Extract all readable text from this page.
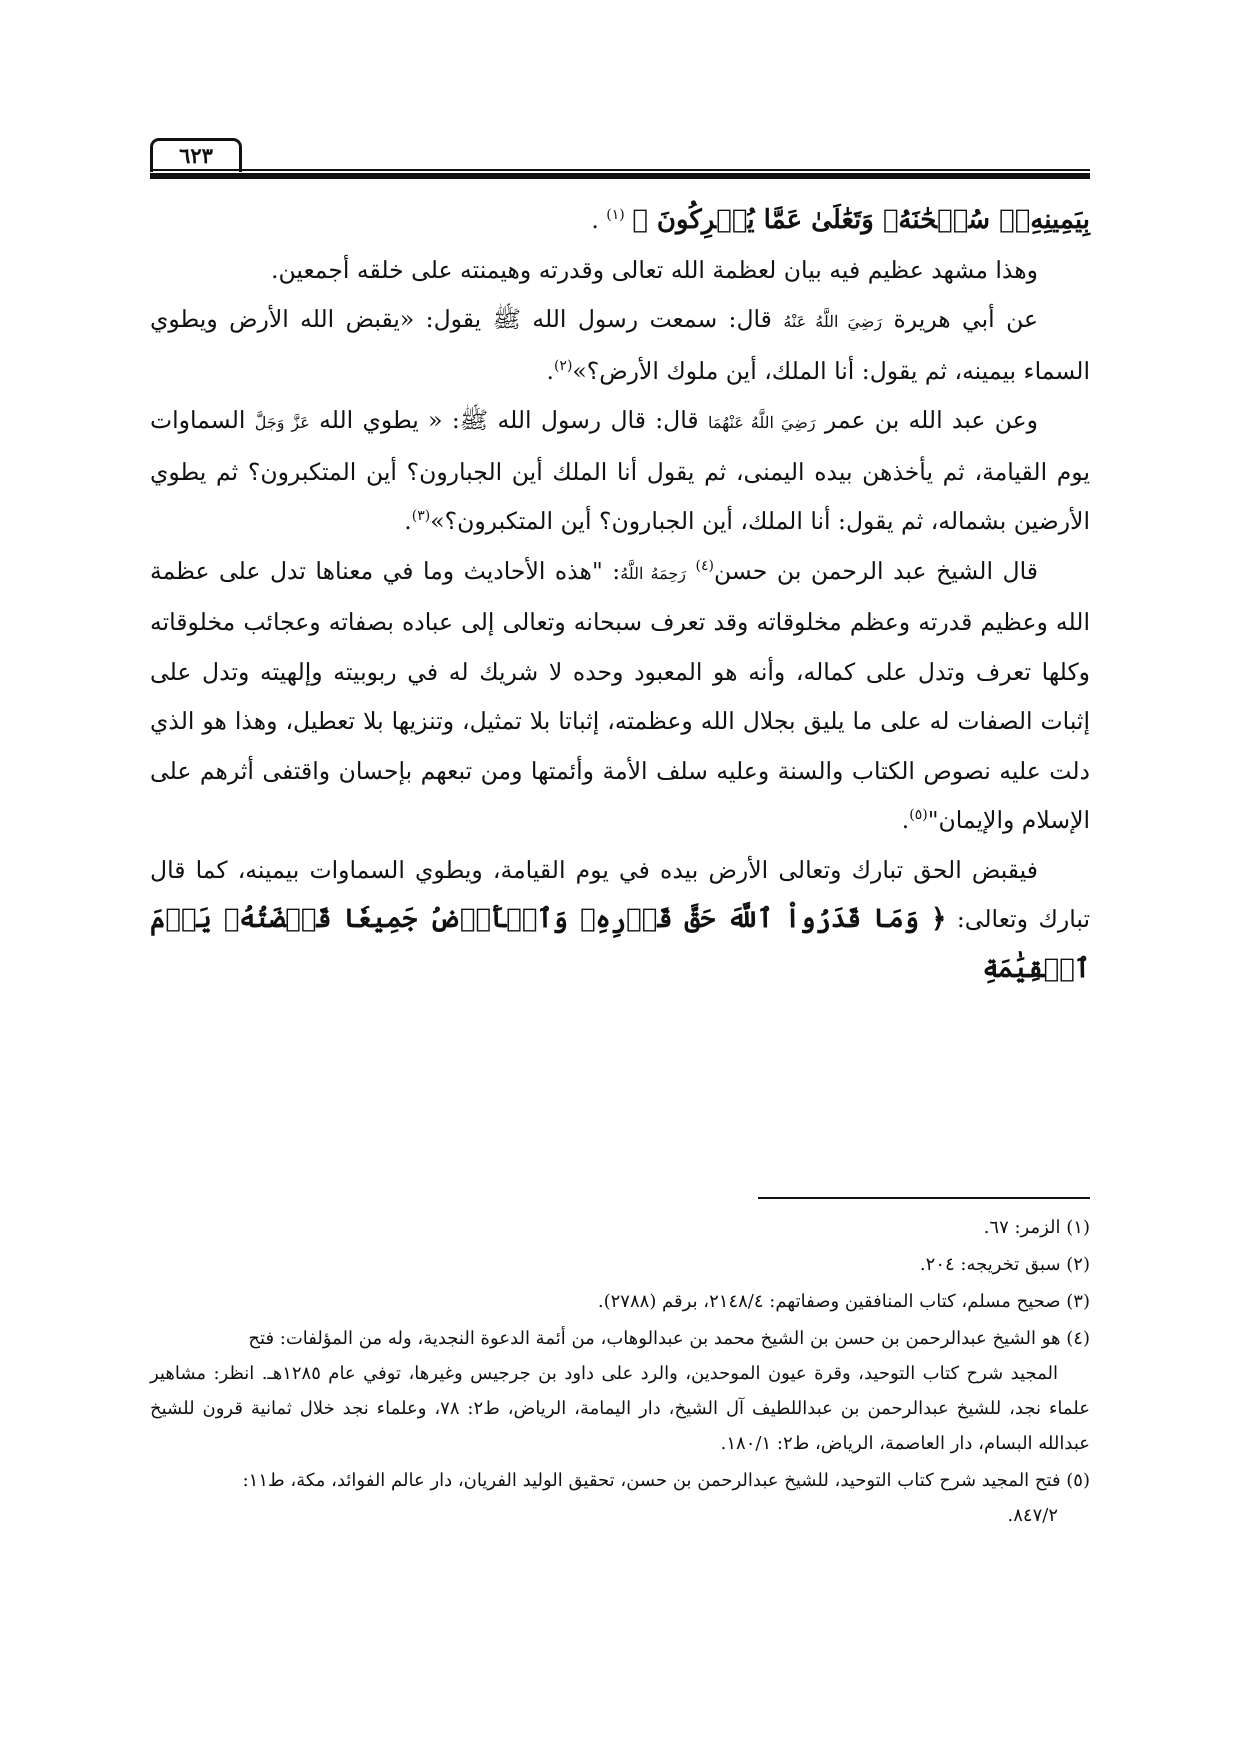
٦٢٣

بِيَمِينِهِۦۚ سُبۡحَٰنَهُۥ وَتَعَٰلَىٰ عَمَّا يُشۡرِكُونَ ﴾ $^{(١)}$ .

وهذا مشهد عظيم فيه بيان لعظمة الله تعالى وقدرته وهيمنته على خلقه أجمعين.

عن أبي هريرة رَضِيَ اللَّهُ عَنْهُ قال: سمعت رسول الله ﷺ يقول: «يقبض الله الأرض ويطوي السماء بيمينه، ثم يقول: أنا الملك، أين ملوك الأرض؟»$^{(٢)}$.

وعن عبد الله بن عمر رَضِيَ اللَّهُ عَنْهُمَا قال: قال رسول الله ﷺ: « يطوي الله عَزَّ وَجَلَّ السماوات يوم القيامة، ثم يأخذهن بيده اليمنى، ثم يقول أنا الملك أين الجبارون؟ أين المتكبرون؟ ثم يطوي الأرضين بشماله، ثم يقول: أنا الملك، أين الجبارون؟ أين المتكبرون؟»$^{(٣)}$.

قال الشيخ عبد الرحمن بن حسن$^{(٤)}$ رَحِمَهُ اللَّهُ: "هذه الأحاديث وما في معناها تدل على عظمة الله وعظيم قدرته وعظم مخلوقاته وقد تعرف سبحانه وتعالى إلى عباده بصفاته وعجائب مخلوقاته وكلها تعرف وتدل على كماله، وأنه هو المعبود وحده لا شريك له في ربوبيته وإلهيته وتدل على إثبات الصفات له على ما يليق بجلال الله وعظمته، إثباتا بلا تمثيل، وتنزيها بلا تعطيل، وهذا هو الذي دلت عليه نصوص الكتاب والسنة وعليه سلف الأمة وأئمتها ومن تبعهم بإحسان واقتفى أثرهم على الإسلام والإيمان"$^{(٥)}$.

فيقبض الحق تبارك وتعالى الأرض بيده في يوم القيامة، ويطوي السماوات بيمينه، كما قال تبارك وتعالى: ﴿ وَمَا قَدَرُواْ ٱللَّهَ حَقَّ قَدۡرِهِۦ وَٱلۡأَرۡضُ جَمِيعٗا قَبۡضَتُهُۥ يَوۡمَ ٱلۡقِيَٰمَةِ

(١) الزمر: ٦٧.

(٢) سبق تخريجه: ٢٠٤.

(٣) صحيح مسلم، كتاب المنافقين وصفاتهم: ٢١٤٨/٤، برقم (٢٧٨٨).

(٤) هو الشيخ عبدالرحمن بن حسن بن الشيخ محمد بن عبدالوهاب، من أئمة الدعوة النجدية، وله من المؤلفات: فتح
المجيد شرح كتاب التوحيد، وقرة عيون الموحدين، والرد على داود بن جرجيس وغيرها، توفي عام ١٢٨٥هـ. انظر: مشاهير علماء نجد، للشيخ عبدالرحمن بن عبداللطيف آل الشيخ، دار اليمامة، الرياض، ط٢: ٧٨، وعلماء نجد خلال ثمانية قرون للشيخ عبدالله البسام، دار العاصمة، الرياض، ط٢: ١٨٠/١.

(٥) فتح المجيد شرح كتاب التوحيد، للشيخ عبدالرحمن بن حسن، تحقيق الوليد الفريان، دار عالم الفوائد، مكة، ط١١:
٨٤٧/٢.
